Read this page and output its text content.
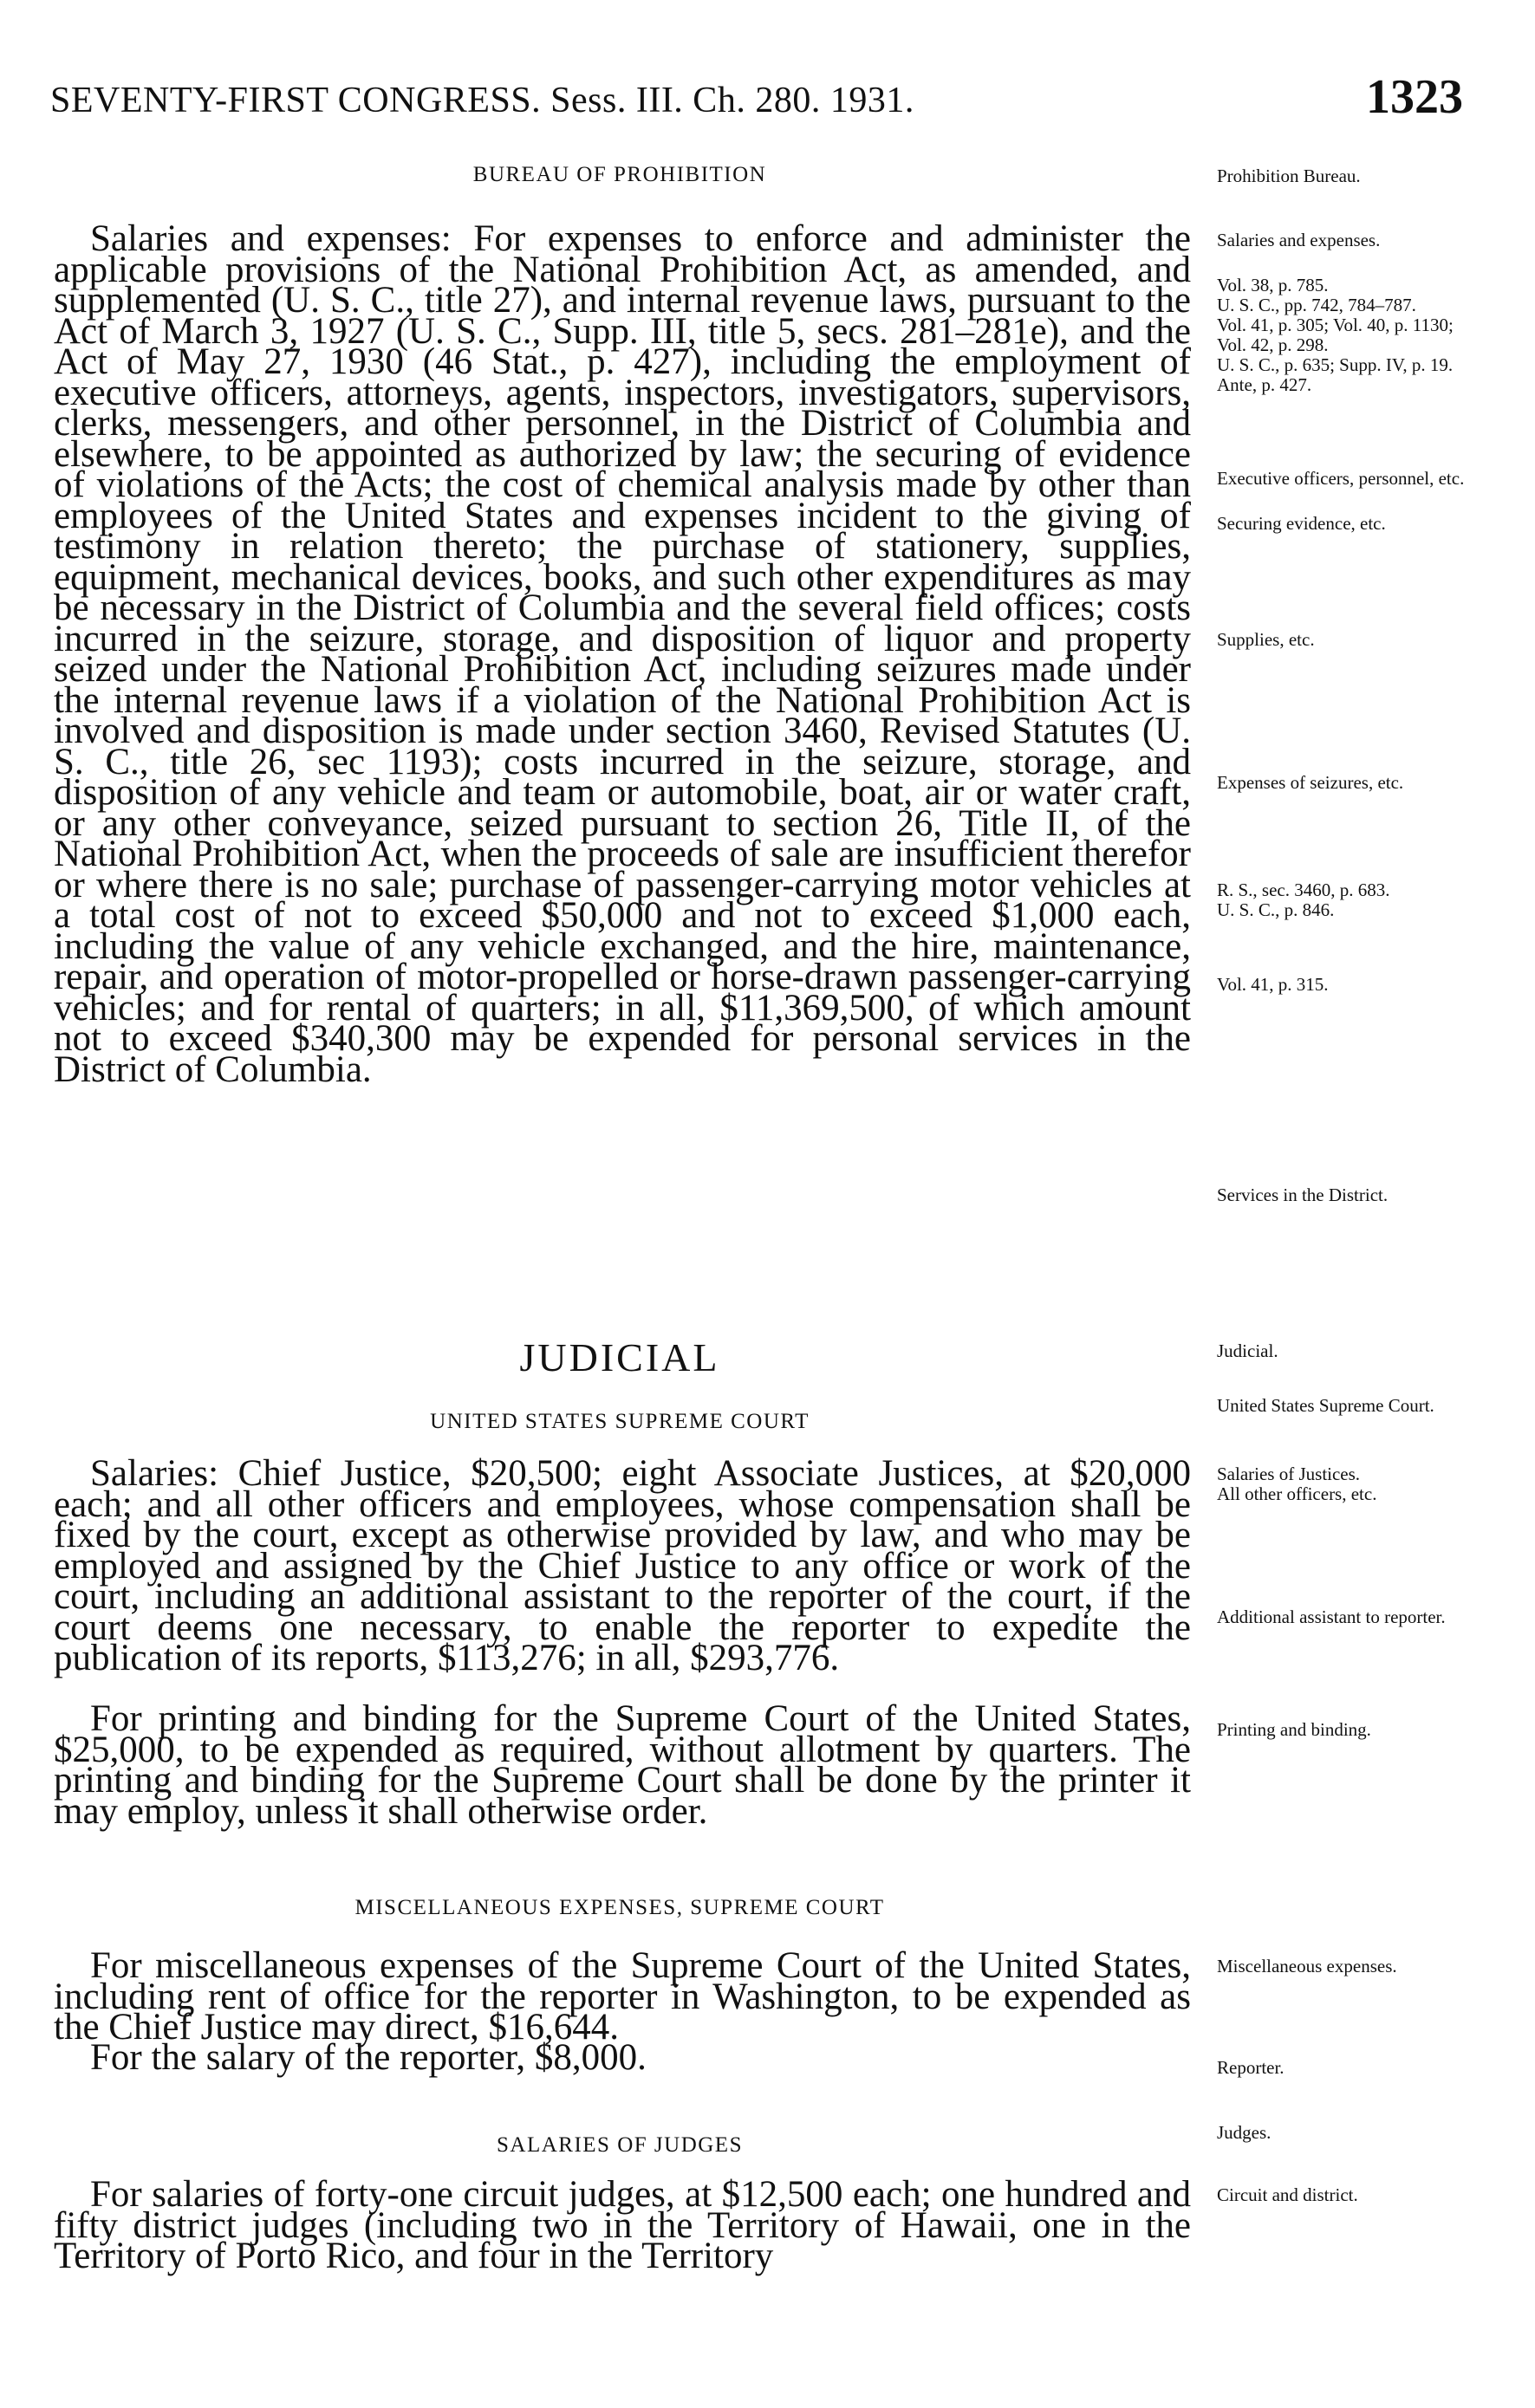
SEVENTY-FIRST CONGRESS. Sess. III. Ch. 280. 1931.	1323
BUREAU OF PROHIBITION

Salaries and expenses: For expenses to enforce and administer the applicable provisions of the National Prohibition Act, as amended, and supplemented (U. S. C., title 27), and internal revenue laws, pursuant to the Act of March 3, 1927 (U. S. C., Supp. III, title 5, secs. 281–281e), and the Act of May 27, 1930 (46 Stat., p. 427), including the employment of executive officers, attorneys, agents, inspectors, investigators, supervisors, clerks, messengers, and other personnel, in the District of Columbia and elsewhere, to be appointed as authorized by law; the securing of evidence of violations of the Acts; the cost of chemical analysis made by other than employees of the United States and expenses incident to the giving of testimony in relation thereto; the purchase of stationery, supplies, equipment, mechanical devices, books, and such other expenditures as may be necessary in the District of Columbia and the several field offices; costs incurred in the seizure, storage, and disposition of liquor and property seized under the National Prohibition Act, including seizures made under the internal revenue laws if a violation of the National Prohibition Act is involved and disposition is made under section 3460, Revised Statutes (U. S. C., title 26, sec 1193); costs incurred in the seizure, storage, and disposition of any vehicle and team or automobile, boat, air or water craft, or any other conveyance, seized pursuant to section 26, Title II, of the National Prohibition Act, when the proceeds of sale are insufficient therefor or where there is no sale; purchase of passenger-carrying motor vehicles at a total cost of not to exceed $50,000 and not to exceed $1,000 each, including the value of any vehicle exchanged, and the hire, maintenance, repair, and operation of motor-propelled or horse-drawn passenger-carrying vehicles; and for rental of quarters; in all, $11,369,500, of which amount not to exceed $340,300 may be expended for personal services in the District of Columbia.

JUDICIAL
UNITED STATES SUPREME COURT

Salaries: Chief Justice, $20,500; eight Associate Justices, at $20,000 each; and all other officers and employees, whose compensation shall be fixed by the court, except as otherwise provided by law, and who may be employed and assigned by the Chief Justice to any office or work of the court, including an additional assistant to the reporter of the court, if the court deems one necessary, to enable the reporter to expedite the publication of its reports, $113,276; in all, $293,776.

For printing and binding for the Supreme Court of the United States, $25,000, to be expended as required, without allotment by quarters. The printing and binding for the Supreme Court shall be done by the printer it may employ, unless it shall otherwise order.

MISCELLANEOUS EXPENSES, SUPREME COURT

For miscellaneous expenses of the Supreme Court of the United States, including rent of office for the reporter in Washington, to be expended as the Chief Justice may direct, $16,644.

For the salary of the reporter, $8,000.

SALARIES OF JUDGES

For salaries of forty-one circuit judges, at $12,500 each; one hundred and fifty district judges (including two in the Territory of Hawaii, one in the Territory of Porto Rico, and four in the Territory

Prohibition Bureau.
Salaries and expenses.
Vol. 38, p. 785.
U. S. C., pp. 742, 784–787.
Vol. 41, p. 305; Vol. 40, p. 1130; Vol. 42, p. 298.
U. S. C., p. 635; Supp. IV, p. 19.
Ante, p. 427.
Executive officers, personnel, etc.
Securing evidence, etc.
Supplies, etc.
Expenses of seizures, etc.
R. S., sec. 3460, p. 683.
U. S. C., p. 846.
Vol. 41, p. 315.
Services in the District.
Judicial.
United States Supreme Court.
Salaries of Justices.
All other officers, etc.
Additional assistant to reporter.
Printing and binding.
Miscellaneous expenses.
Reporter.
Judges.
Circuit and district.
